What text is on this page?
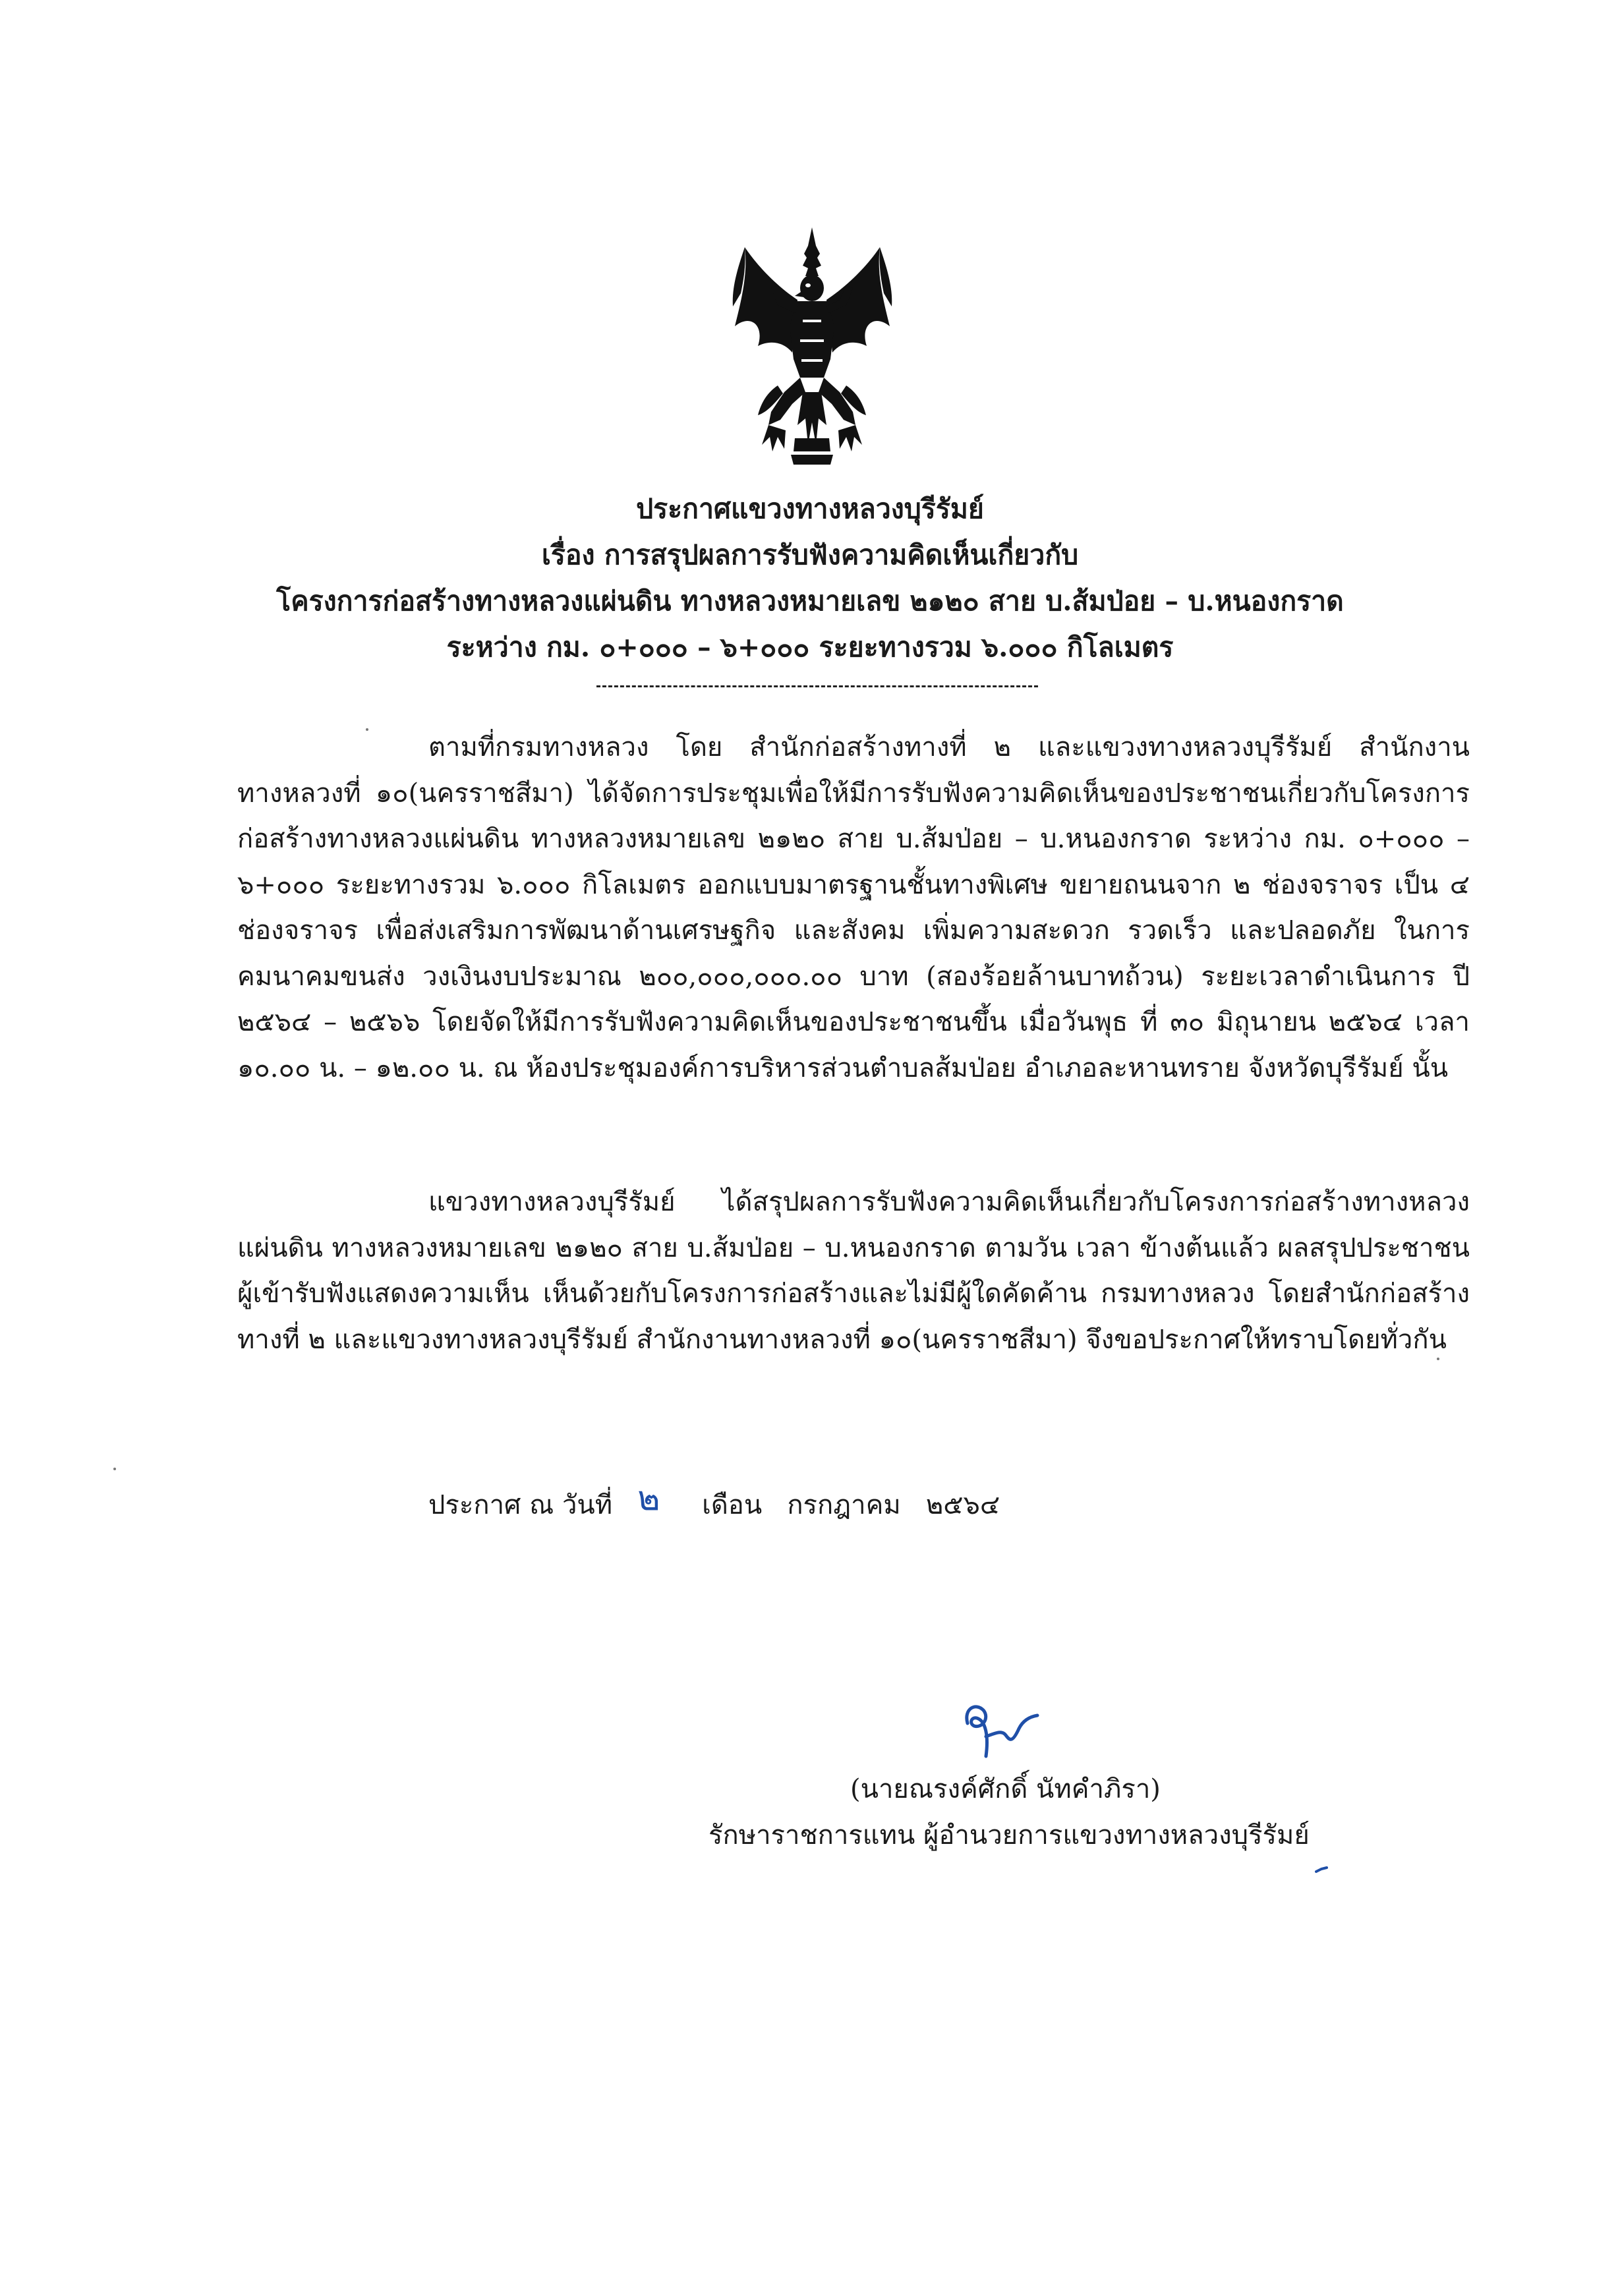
ประกาศแขวงทางหลวงบุรีรัมย์
เรื่อง การสรุปผลการรับฟังความคิดเห็นเกี่ยวกับ
โครงการก่อสร้างทางหลวงแผ่นดิน ทางหลวงหมายเลข ๒๑๒๐ สาย บ.ส้มป่อย – บ.หนองกราด
ระหว่าง กม. ๐+๐๐๐ – ๖+๐๐๐ ระยะทางรวม ๖.๐๐๐ กิโลเมตร

ตามที่กรมทางหลวง โดย สำนักก่อสร้างทางที่ ๒ และแขวงทางหลวงบุรีรัมย์ สำนักงานทางหลวงที่ ๑๐(นครราชสีมา) ได้จัดการประชุมเพื่อให้มีการรับฟังความคิดเห็นของประชาชนเกี่ยวกับโครงการก่อสร้างทางหลวงแผ่นดิน ทางหลวงหมายเลข ๒๑๒๐ สาย บ.ส้มป่อย – บ.หนองกราด ระหว่าง กม. ๐+๐๐๐ – ๖+๐๐๐ ระยะทางรวม ๖.๐๐๐ กิโลเมตร ออกแบบมาตรฐานชั้นทางพิเศษ ขยายถนนจาก ๒ ช่องจราจร เป็น ๔ ช่องจราจร เพื่อส่งเสริมการพัฒนาด้านเศรษฐกิจ และสังคม เพิ่มความสะดวก รวดเร็ว และปลอดภัย ในการคมนาคมขนส่ง วงเงินงบประมาณ ๒๐๐,๐๐๐,๐๐๐.๐๐ บาท (สองร้อยล้านบาทถ้วน) ระยะเวลาดำเนินการ ปี ๒๕๖๔ – ๒๕๖๖ โดยจัดให้มีการรับฟังความคิดเห็นของประชาชนขึ้น เมื่อวันพุธ ที่ ๓๐ มิถุนายน ๒๕๖๔ เวลา ๑๐.๐๐ น. – ๑๒.๐๐ น. ณ ห้องประชุมองค์การบริหารส่วนตำบลส้มป่อย อำเภอละหานทราย จังหวัดบุรีรัมย์ นั้น

แขวงทางหลวงบุรีรัมย์ ได้สรุปผลการรับฟังความคิดเห็นเกี่ยวกับโครงการก่อสร้างทางหลวงแผ่นดิน ทางหลวงหมายเลข ๒๑๒๐ สาย บ.ส้มป่อย – บ.หนองกราด ตามวัน เวลา ข้างต้นแล้ว ผลสรุปประชาชนผู้เข้ารับฟังแสดงความเห็น เห็นด้วยกับโครงการก่อสร้างและไม่มีผู้ใดคัดค้าน กรมทางหลวง โดยสำนักก่อสร้างทางที่ ๒ และแขวงทางหลวงบุรีรัมย์ สำนักงานทางหลวงที่ ๑๐(นครราชสีมา) จึงขอประกาศให้ทราบโดยทั่วกัน

ประกาศ ณ วันที่ ๒ เดือน กรกฎาคม ๒๕๖๔
(นายณรงค์ศักดิ์ นัทคำภิรา)
รักษาราชการแทน ผู้อำนวยการแขวงทางหลวงบุรีรัมย์
